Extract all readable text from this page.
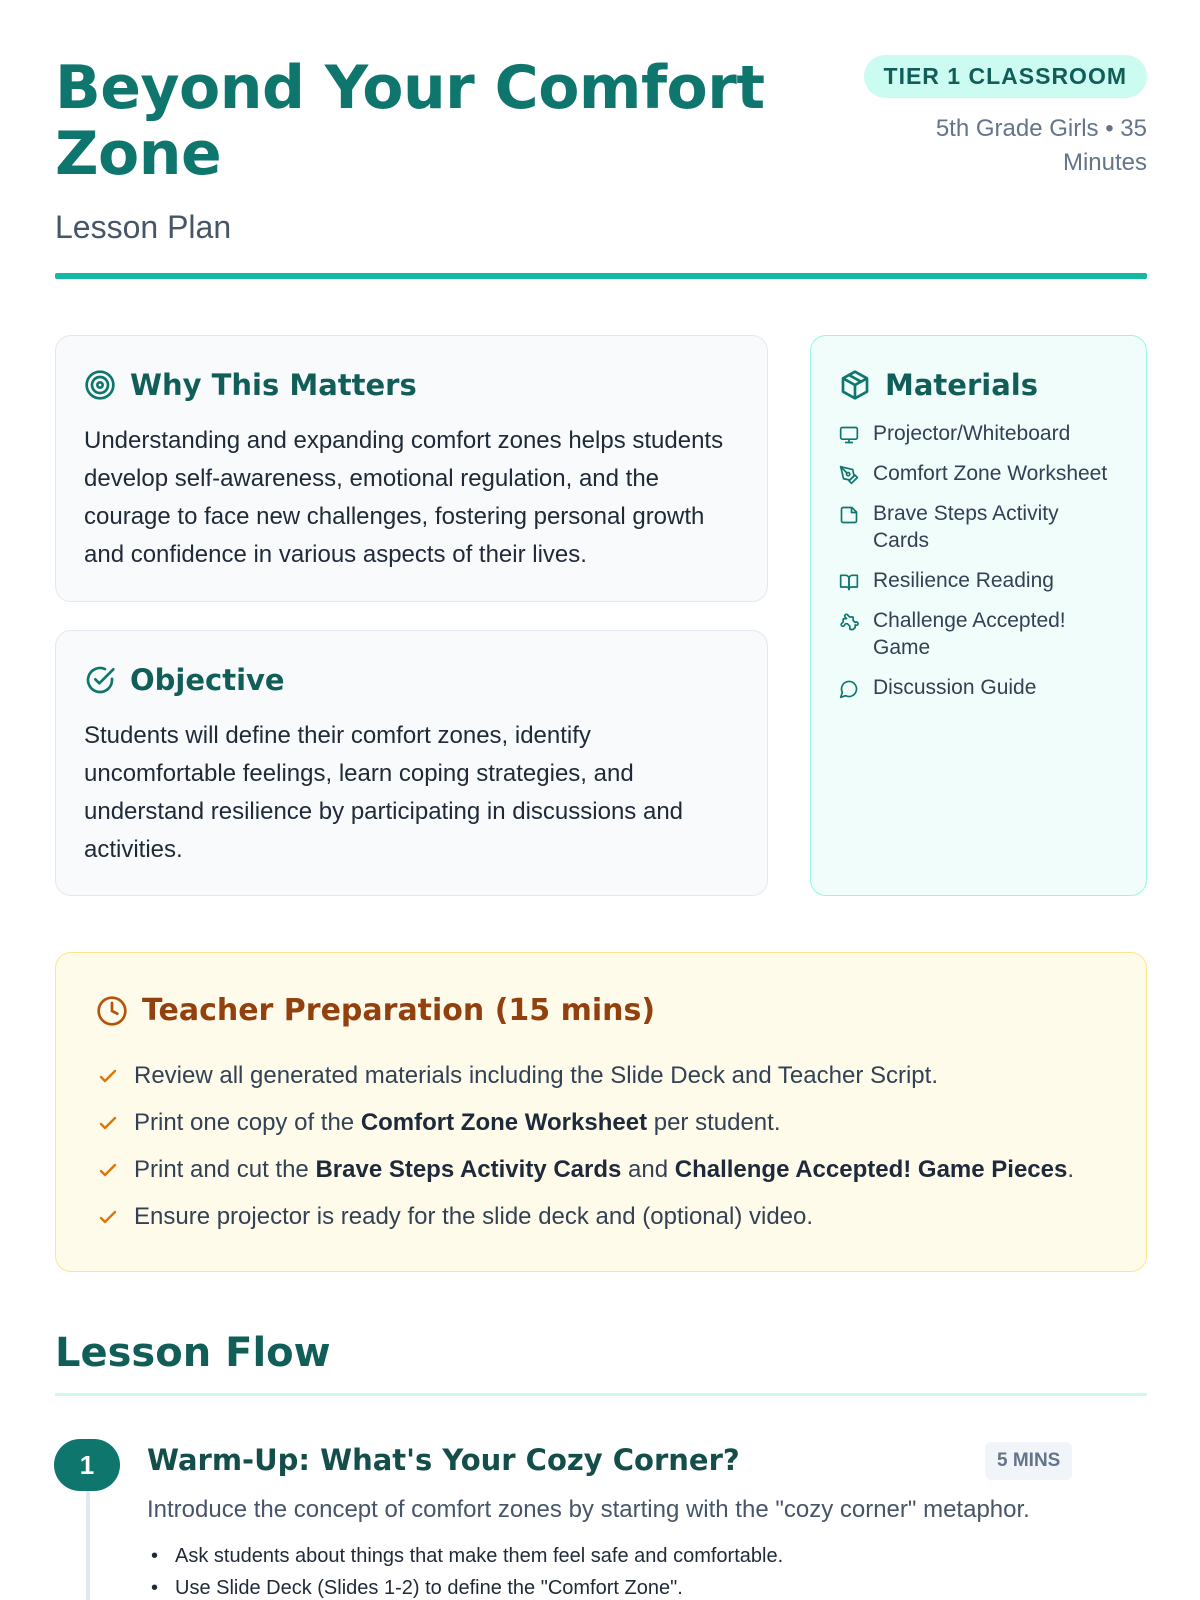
Beyond Your Comfort Zone
Lesson Plan
TIER 1 CLASSROOM
5th Grade Girls • 35 Minutes
Why This Matters

Understanding and expanding comfort zones helps students develop self-awareness, emotional regulation, and the courage to face new challenges, fostering personal growth and confidence in various aspects of their lives.

Objective

Students will define their comfort zones, identify uncomfortable feelings, learn coping strategies, and understand resilience by participating in discussions and activities.

Materials
Projector/Whiteboard
Comfort Zone Worksheet
Brave Steps Activity Cards
Resilience Reading
Challenge Accepted! Game
Discussion Guide
Teacher Preparation (15 mins)
Review all generated materials including the Slide Deck and Teacher Script.
Print one copy of the Comfort Zone Worksheet per student.
Print and cut the Brave Steps Activity Cards and Challenge Accepted! Game Pieces.
Ensure projector is ready for the slide deck and (optional) video.
Lesson Flow
1	Warm-Up: What's Your Cozy Corner?	5 MINS

Introduce the concept of comfort zones by starting with the "cozy corner" metaphor.

• Ask students about things that make them feel safe and comfortable.
• Use Slide Deck (Slides 1-2) to define the "Comfort Zone".
